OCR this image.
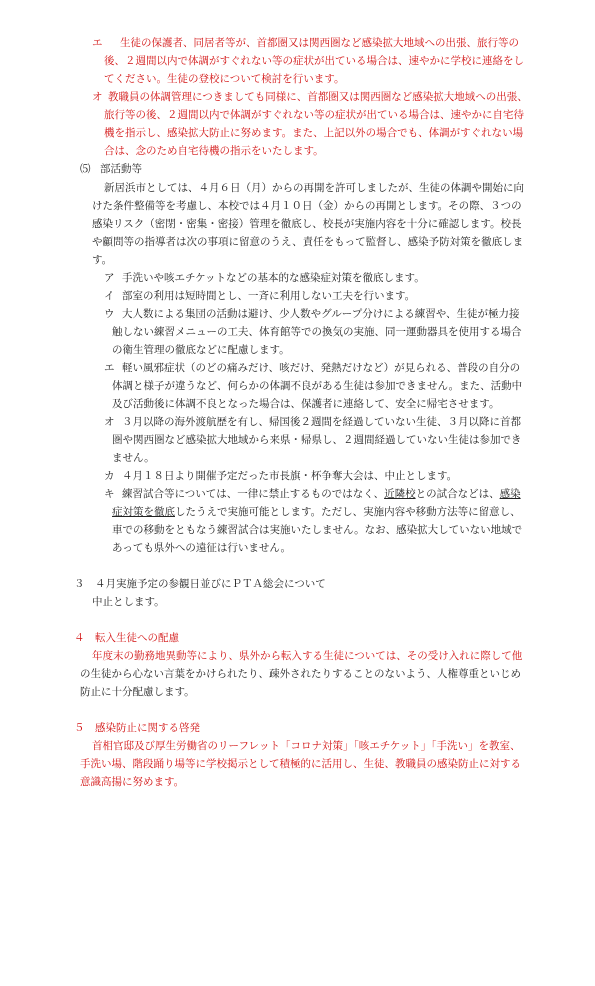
エ 生徒の保護者、同居者等が、首都圏又は関西圏など感染拡大地域への出張、旅行等の
後、２週間以内で体調がすぐれない等の症状が出ている場合は、速やかに学校に連絡をし
てください。生徒の登校について検討を行います。
オ 教職員の体調管理につきましても同様に、首都圏又は関西圏など感染拡大地域への出張、
旅行等の後、２週間以内で体調がすぐれない等の症状が出ている場合は、速やかに自宅待
機を指示し、感染拡大防止に努めます。また、上記以外の場合でも、体調がすぐれない場
合は、念のため自宅待機の指示をいたします。
⑸ 部活動等
新居浜市としては、４月６日（月）からの再開を許可しましたが、生徒の体調や開始に向
けた条件整備等を考慮し、本校では４月１０日（金）からの再開とします。その際、３つの
感染リスク（密閉・密集・密接）管理を徹底し、校長が実施内容を十分に確認します。校長
や顧問等の指導者は次の事項に留意のうえ、責任をもって監督し、感染予防対策を徹底しま
す。
ア 手洗いや咳エチケットなどの基本的な感染症対策を徹底します。
イ 部室の利用は短時間とし、一斉に利用しない工夫を行います。
ウ 大人数による集団の活動は避け、少人数やグループ分けによる練習や、生徒が極力接
触しない練習メニューの工夫、体育館等での換気の実施、同一運動器具を使用する場合
の衛生管理の徹底などに配慮します。
エ 軽い風邪症状（のどの痛みだけ、咳だけ、発熱だけなど）が見られる、普段の自分の
体調と様子が違うなど、何らかの体調不良がある生徒は参加できません。また、活動中
及び活動後に体調不良となった場合は、保護者に連絡して、安全に帰宅させます。
オ ３月以降の海外渡航歴を有し、帰国後２週間を経過していない生徒、３月以降に首都
圏や関西圏など感染拡大地域から来県・帰県し、２週間経過していない生徒は参加でき
ません。
カ ４月１８日より開催予定だった市長旗・杯争奪大会は、中止とします。
キ 練習試合等については、一律に禁止するものではなく、近隣校との試合などは、感染
症対策を徹底したうえで実施可能とします。ただし、実施内容や移動方法等に留意し、
車での移動をともなう練習試合は実施いたしません。なお、感染拡大していない地域で
あっても県外への遠征は行いません。
３　４月実施予定の参観日並びにＰＴＡ総会について
中止とします。
４　転入生徒への配慮
年度末の勤務地異動等により、県外から転入する生徒については、その受け入れに際して他
の生徒から心ない言葉をかけられたり、疎外されたりすることのないよう、人権尊重といじめ
防止に十分配慮します。
５　感染防止に関する啓発
首相官邸及び厚生労働省のリーフレット「コロナ対策」「咳エチケット」「手洗い」を教室、
手洗い場、階段踊り場等に学校掲示として積極的に活用し、生徒、教職員の感染防止に対する
意識高揚に努めます。
